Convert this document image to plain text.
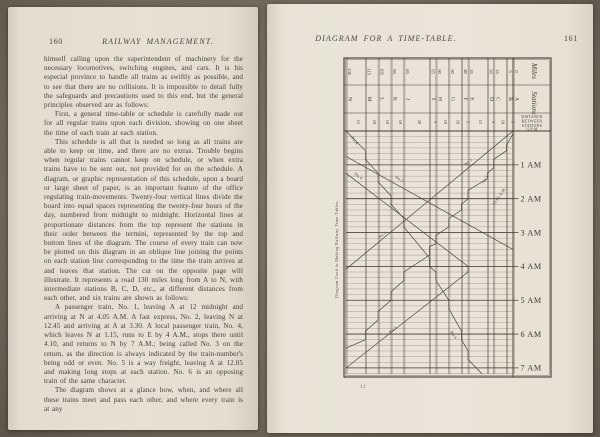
160	RAILWAY MANAGEMENT.

himself calling upon the superintendent of machinery for the necessary locomotives, switching engines, and cars. It is his especial province to handle all trains as swiftly as possible, and to see that there are no collisions. It is impossible to detail fully the safeguards and precautions used to this end, but the general principles observed are as follows:

First, a general time-table or schedule is carefully made out for all regular trains upon each division, showing on one sheet the time of each train at each station.

This schedule is all that is needed so long as all trains are able to keep on time, and there are no extras. Trouble begins when regular trains cannot keep on schedule, or when extra trains have to be sent out, not provided for on the schedule. A diagram, or graphic representation of this schedule, upon a board or large sheet of paper, is an important feature of the office regulating train-movements. Twenty-four vertical lines divide the board into equal spaces representing the twenty-four hours of the day, numbered from midnight to midnight. Horizontal lines at proportionate distances from the top represent the stations in their order between the termini, represented by the top and bottom lines of the diagram. The course of every train can now be plotted on this diagram in an oblique line joining the points on each station line corresponding to the time the train arrives at and leaves that station. The cut on the opposite page will illustrate. It represents a road 130 miles long from A to N, with intermediate stations B, C, D, etc., at different distances from each other, and six trains are shown as follows:

A passenger train, No. 1, leaving A at 12 midnight and arriving at N at 4.05 A.M. A fast express, No. 2, leaving N at 12.45 and arriving at A at 3.30. A local passenger train, No. 4, which leaves N at 1.15, runs to E by 4 A.M., stops there until 4.10, and returns to N by 7 A.M.; being called No. 3 on the return, as the direction is always indicated by the train-number's being odd or even. No. 5 is a way freight, leaving A at 12.05 and making long stops at each station. No. 6 is an opposing train of the same character.

The diagram shows at a glance how, when, and where all these trains meet and pass each other, and where every train is at any

DIAGRAM FOR A TIME-TABLE.	161
1 AM
2 AM
3 AM
4 AM
5 AM
6 AM
7 AM
130
N
115
M
105
L
95
K
85
J
65
I
60
H
50
G
40
F
35
E
20
D
15
C
5
B
0
A
15	10 10 10	20	5 10 10 5 15 5 10 5
Miles
Stations
DISTANCE
BETWEEN
STATIONS
12 P. M.
No.6
No.4	No.2
No.1
No.1
No.5
12.05 A.M.
No.3
No.6
Diagram Used in Making Railway Time-Tables.
11
